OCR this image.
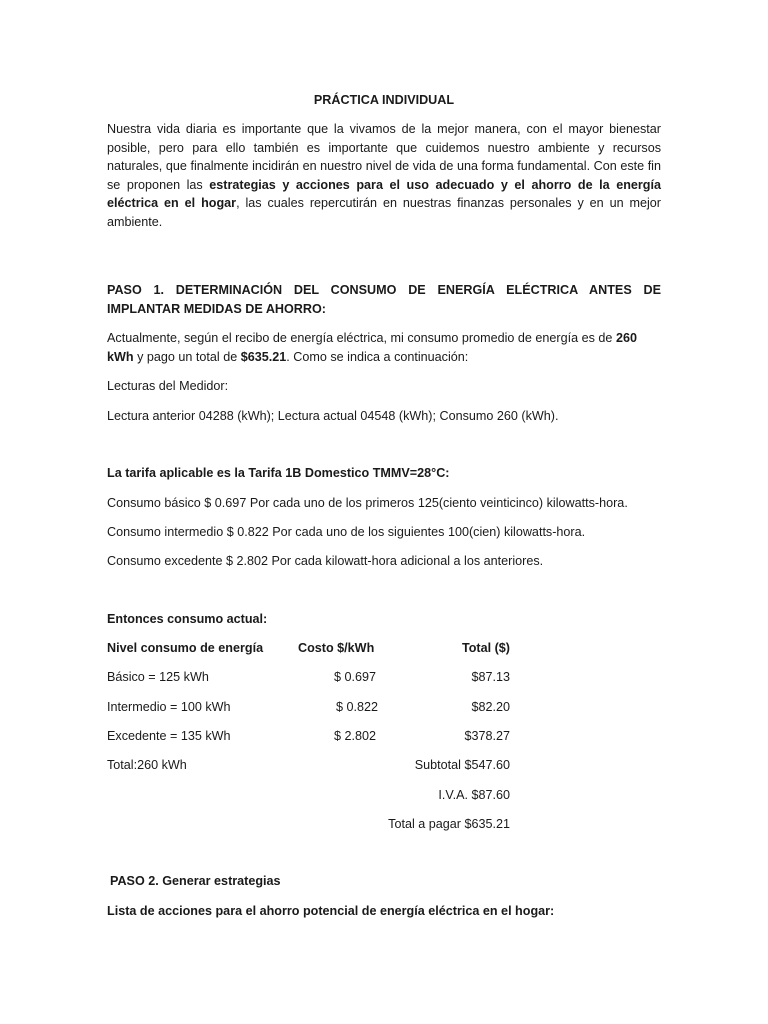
PRÁCTICA INDIVIDUAL
Nuestra vida diaria es importante que la vivamos de la mejor manera, con el mayor bienestar posible, pero para ello también es importante que cuidemos nuestro ambiente y recursos naturales, que finalmente incidirán en nuestro nivel de vida de una forma fundamental. Con este fin se proponen las estrategias y acciones para el uso adecuado y el ahorro de la energía eléctrica en el hogar, las cuales repercutirán en nuestras finanzas personales y en un mejor ambiente.
PASO 1. DETERMINACIÓN DEL CONSUMO DE ENERGÍA ELÉCTRICA ANTES DE IMPLANTAR MEDIDAS DE AHORRO:
Actualmente, según el recibo de energía eléctrica, mi consumo promedio de energía es de 260 kWh y pago un total de $635.21. Como se indica a continuación:
Lecturas del Medidor:
Lectura anterior 04288 (kWh); Lectura actual 04548 (kWh); Consumo 260 (kWh).
La tarifa aplicable es la Tarifa 1B Domestico TMMV=28°C:
Consumo básico $ 0.697 Por cada uno de los primeros 125(ciento veinticinco) kilowatts-hora.
Consumo intermedio $ 0.822 Por cada uno de los siguientes 100(cien) kilowatts-hora.
Consumo excedente $ 2.802 Por cada kilowatt-hora adicional a los anteriores.
Entonces consumo actual:
Nivel consumo de energía	Costo $/kWh	Total ($)
Básico = 125 kWh	$ 0.697	$87.13
Intermedio = 100 kWh	$ 0.822	$82.20
Excedente = 135 kWh	$ 2.802	$378.27
Total:260 kWh	Subtotal $547.60
I.V.A. $87.60
Total a pagar $635.21
PASO 2. Generar estrategias
Lista de acciones para el ahorro potencial de energía eléctrica en el hogar:
